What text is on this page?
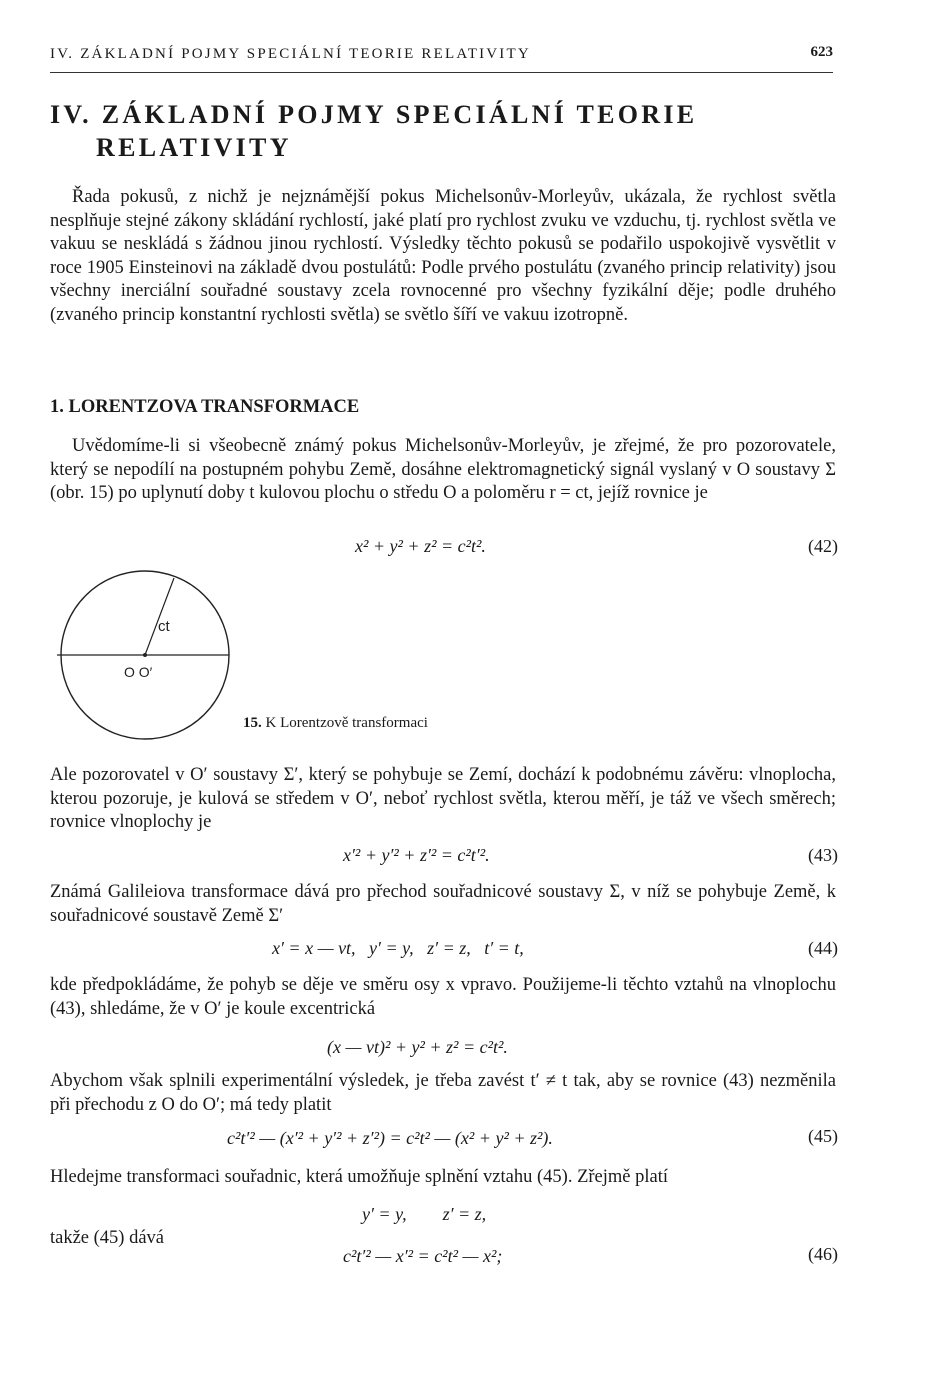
IV. ZÁKLADNÍ POJMY SPECIÁLNÍ TEORIE RELATIVITY	623
IV. ZÁKLADNÍ POJMY SPECIÁLNÍ TEORIE
RELATIVITY
Řada pokusů, z nichž je nejznámější pokus Michelsonův-Morleyův, ukázala, že rychlost světla nesplňuje stejné zákony skládání rychlostí, jaké platí pro rychlost zvuku ve vzduchu, tj. rychlost světla ve vakuu se neskládá s žádnou jinou rychlostí. Výsledky těchto pokusů se podařilo uspokojivě vysvětlit v roce 1905 Einsteinovi na základě dvou postulátů: Podle prvého postulátu (zvaného princip relativity) jsou všechny inerciální souřadné soustavy zcela rovnocenné pro všechny fyzikální děje; podle druhého (zvaného princip konstantní rychlosti světla) se světlo šíří ve vakuu izotropně.
1. LORENTZOVA TRANSFORMACE
Uvědomíme-li si všeobecně známý pokus Michelsonův-Morleyův, je zřejmé, že pro pozorovatele, který se nepodílí na postupném pohybu Země, dosáhne elektromagnetický signál vyslaný v O soustavy Σ (obr. 15) po uplynutí doby t kulovou plochu o středu O a poloměru r = ct, jejíž rovnice je
x² + y² + z² = c²t².	(42)
ct
O O′
15. K Lorentzově transformaci
Ale pozorovatel v O′ soustavy Σ′, který se pohybuje se Zemí, dochází k podobnému závěru: vlnoplocha, kterou pozoruje, je kulová se středem v O′, neboť rychlost světla, kterou měří, je táž ve všech směrech; rovnice vlnoplochy je
x′² + y′² + z′² = c²t′².	(43)
Známá Galileiova transformace dává pro přechod souřadnicové soustavy Σ, v níž se pohybuje Země, k souřadnicové soustavě Země Σ′
x′ = x — vt,   y′ = y,   z′ = z,   t′ = t,	(44)
kde předpokládáme, že pohyb se děje ve směru osy x vpravo. Použijeme-li těchto vztahů na vlnoplochu (43), shledáme, že v O′ je koule excentrická
(x — vt)² + y² + z² = c²t².
Abychom však splnili experimentální výsledek, je třeba zavést t′ ≠ t tak, aby se rovnice (43) nezměnila při přechodu z O do O′; má tedy platit
c²t′² — (x′² + y′² + z′²) = c²t² — (x² + y² + z²).	(45)
Hledejme transformaci souřadnic, která umožňuje splnění vztahu (45). Zřejmě platí
y′ = y,        z′ = z,
takže (45) dává
c²t′² — x′² = c²t² — x²;	(46)
